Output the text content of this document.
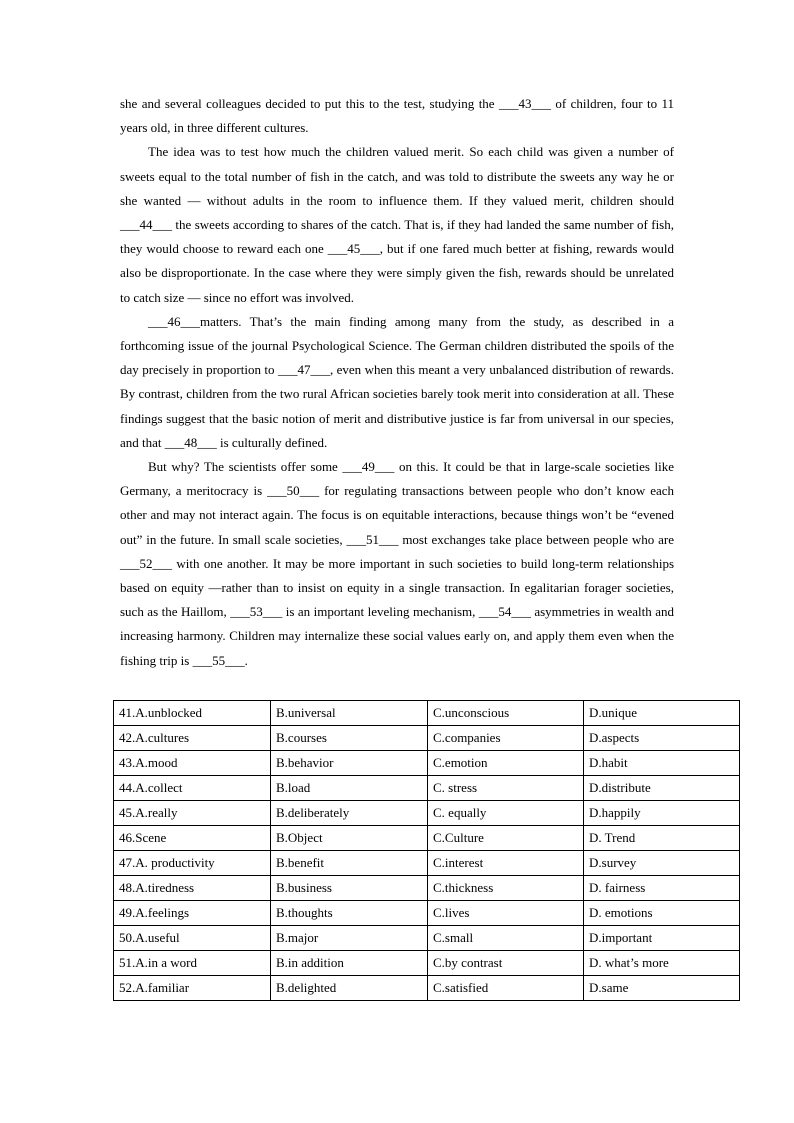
she and several colleagues decided to put this to the test, studying the ___43___ of children, four to 11 years old, in three different cultures.

The idea was to test how much the children valued merit. So each child was given a number of sweets equal to the total number of fish in the catch, and was told to distribute the sweets any way he or she wanted — without adults in the room to influence them. If they valued merit, children should ___44___ the sweets according to shares of the catch. That is, if they had landed the same number of fish, they would choose to reward each one ___45___, but if one fared much better at fishing, rewards would also be disproportionate. In the case where they were simply given the fish, rewards should be unrelated to catch size — since no effort was involved.

___46___matters. That’s the main finding among many from the study, as described in a forthcoming issue of the journal Psychological Science. The German children distributed the spoils of the day precisely in proportion to ___47___, even when this meant a very unbalanced distribution of rewards. By contrast, children from the two rural African societies barely took merit into consideration at all. These findings suggest that the basic notion of merit and distributive justice is far from universal in our species, and that ___48___ is culturally defined.

But why? The scientists offer some ___49___ on this. It could be that in large-scale societies like Germany, a meritocracy is ___50___ for regulating transactions between people who don’t know each other and may not interact again. The focus is on equitable interactions, because things won’t be “evened out” in the future. In small scale societies, ___51___ most exchanges take place between people who are ___52___ with one another. It may be more important in such societies to build long-term relationships based on equity —rather than to insist on equity in a single transaction. In egalitarian forager societies, such as the Haillom, ___53___ is an important leveling mechanism, ___54___ asymmetries in wealth and increasing harmony. Children may internalize these social values early on, and apply them even when the fishing trip is ___55___.

41.A.unblocked	B.universal	C.unconscious	D.unique
42.A.cultures	B.courses	C.companies	D.aspects
43.A.mood	B.behavior	C.emotion	D.habit
44.A.collect	B.load	C. stress	D.distribute
45.A.really	B.deliberately	C. equally	D.happily
46.Scene	B.Object	C.Culture	D. Trend
47.A. productivity	B.benefit	C.interest	D.survey
48.A.tiredness	B.business	C.thickness	D. fairness
49.A.feelings	B.thoughts	C.lives	D. emotions
50.A.useful	B.major	C.small	D.important
51.A.in a word	B.in addition	C.by contrast	D. what’s more
52.A.familiar	B.delighted	C.satisfied	D.same
